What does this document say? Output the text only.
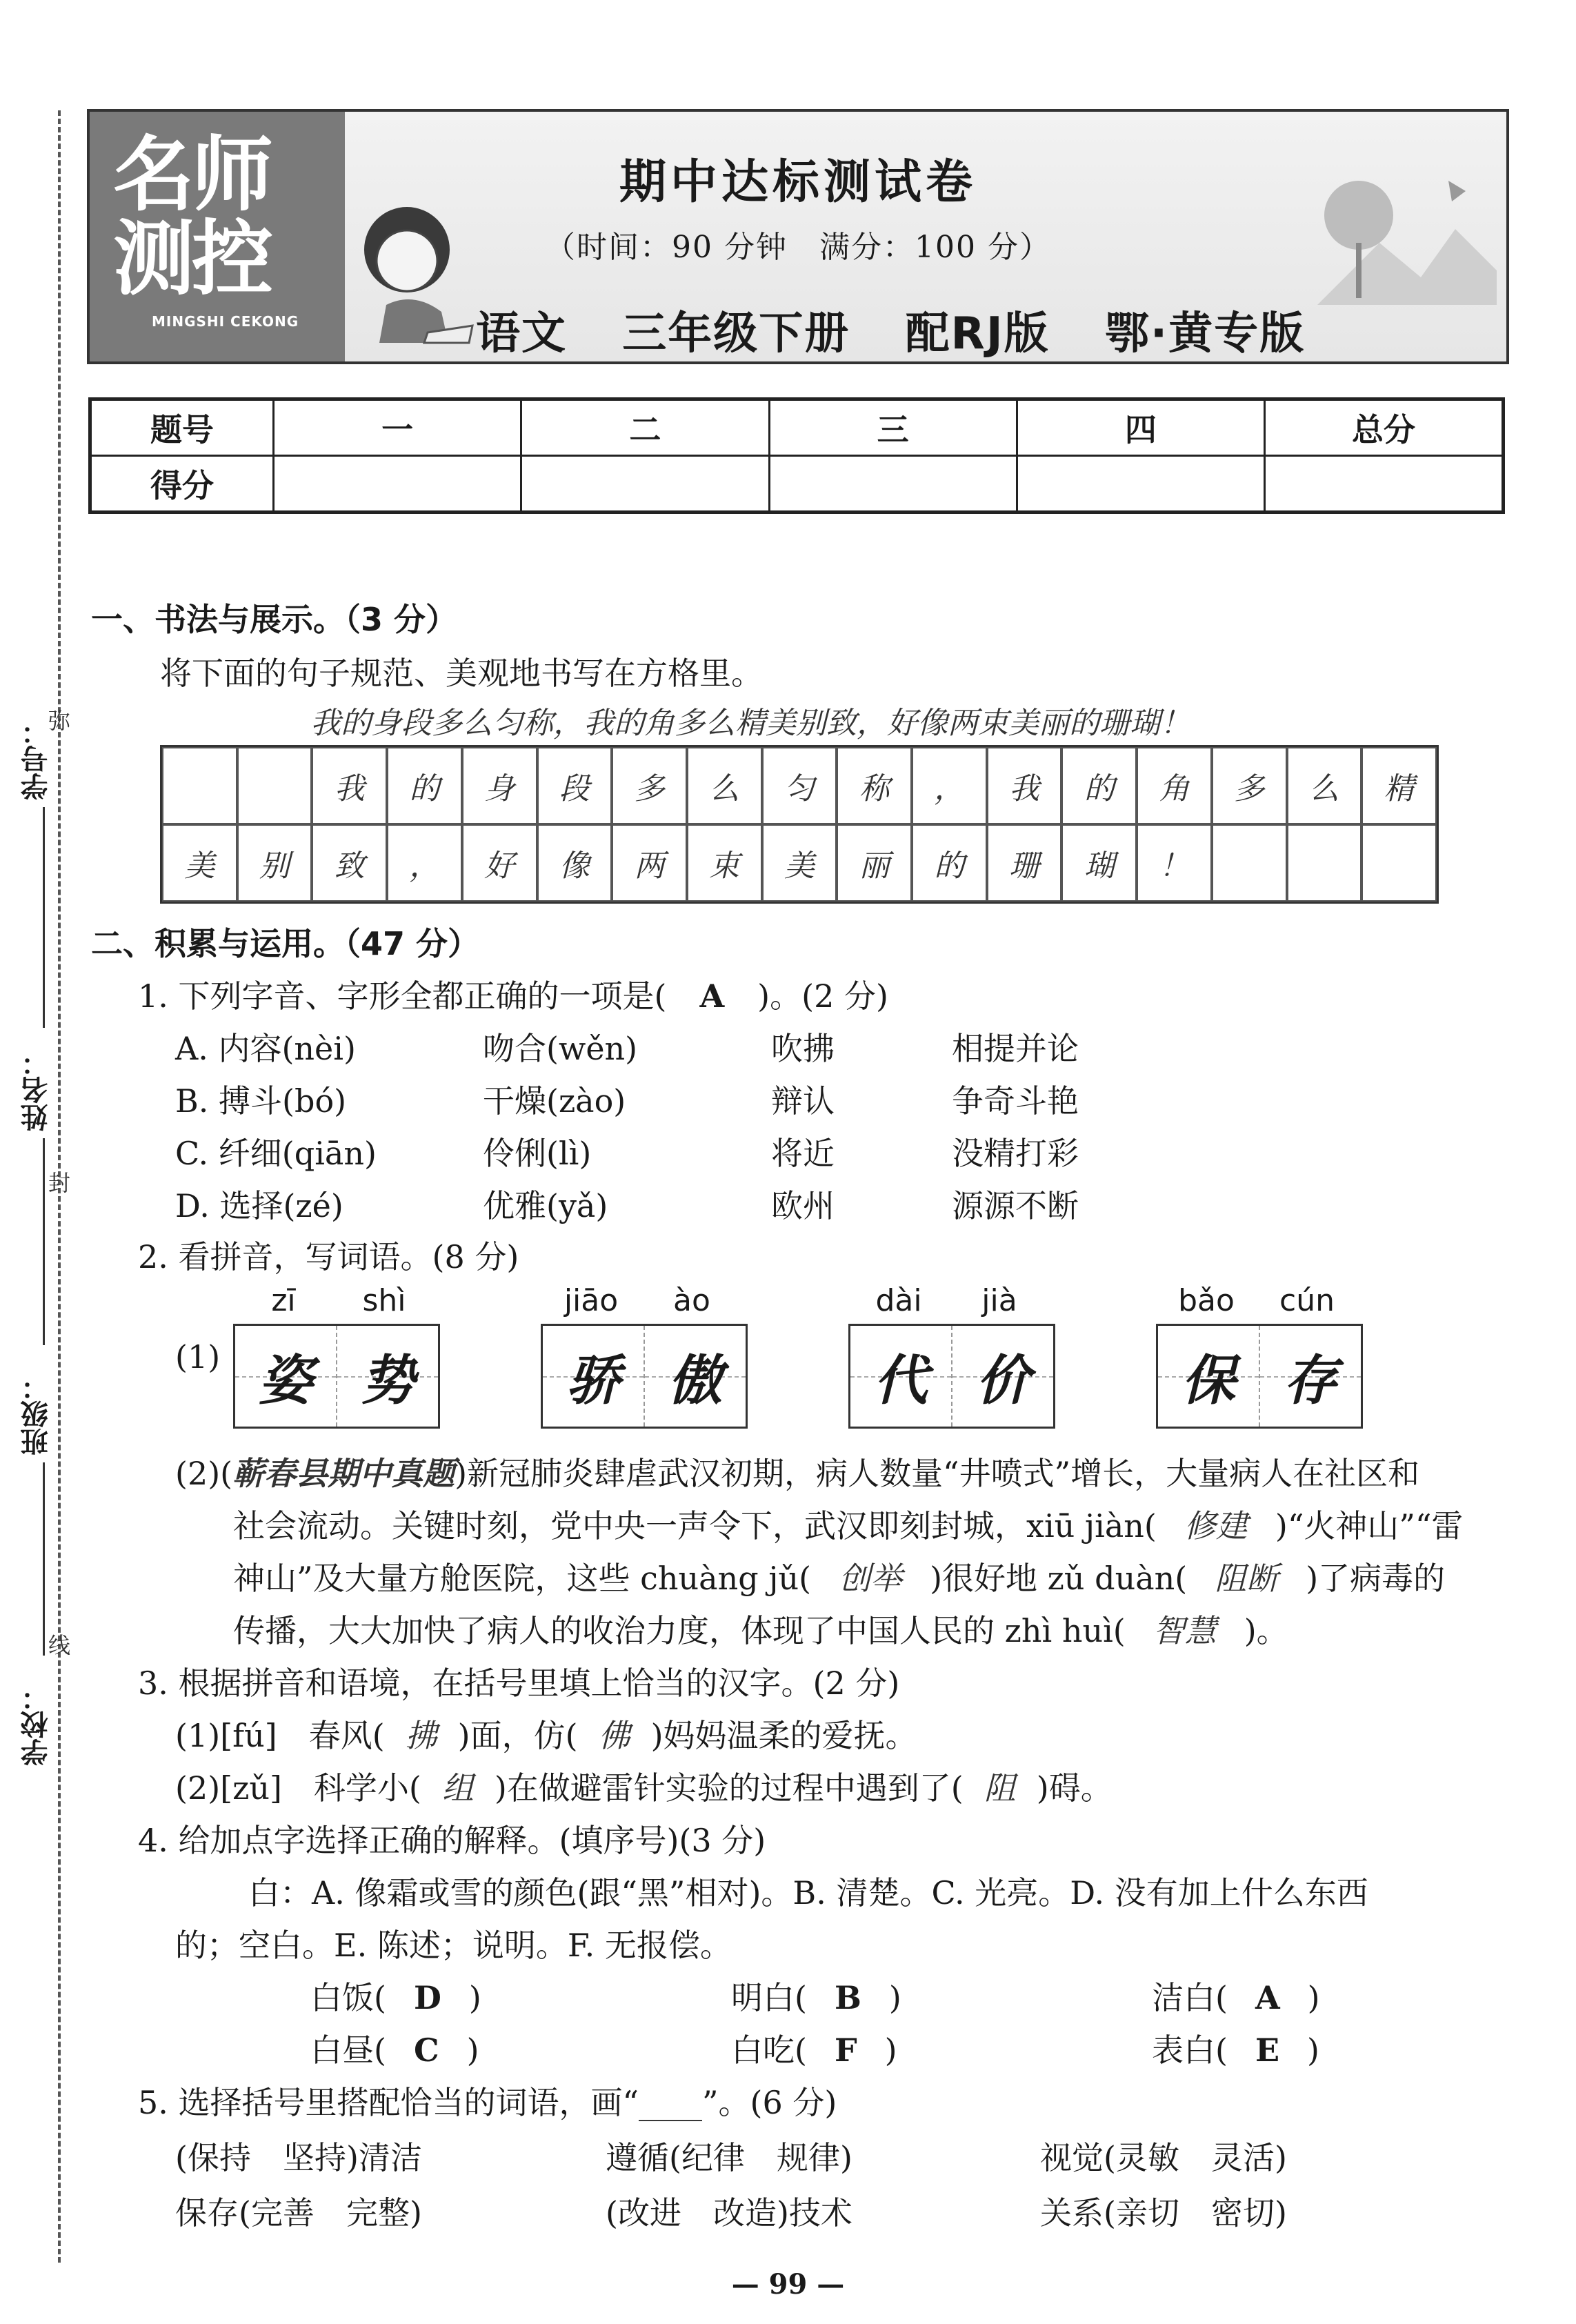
学号：
姓名：
班级：
学校：
弥
封
线
名师
测控
MINGSHI CEKONG
期中达标测试卷
（时间：90 分钟　满分：100 分）
语文 三年级下册 配RJ版 鄂·黄专版
题号	一	二	三	四	总分
得分					
一、书法与展示。（3 分）
将下面的句子规范、美观地书写在方格里。
我的身段多么匀称，我的角多么精美别致，好像两束美丽的珊瑚！
我	的	身	段	多	么	匀	称	，	我	的	角	多	么	精
美	别	致	，	好	像	两	束	美	丽	的	珊	瑚	！
二、积累与运用。（47 分）
1. 下列字音、字形全都正确的一项是( A )。(2 分)
A. 内容(nèi)	吻合(wěn)	吹拂	相提并论
B. 搏斗(bó)	干燥(zào)	辩认	争奇斗艳
C. 纤细(qiān)	伶俐(lì)	将近	没精打彩
D. 选择(zé)	优雅(yǎ)	欧州	源源不断
2. 看拼音，写词语。(8 分)
(1)
zī	shì
姿 势
jiāo	ào
骄 傲
dài	jià
代 价
bǎo	cún
保 存
(2)(蕲春县期中真题)新冠肺炎肆虐武汉初期，病人数量“井喷式”增长，大量病人在社区和
社会流动。关键时刻，党中央一声令下，武汉即刻封城，xiū jiàn( 修建 )“火神山”“雷
神山”及大量方舱医院，这些 chuàng jǔ( 创举 )很好地 zǔ duàn( 阻断 )了病毒的
传播，大大加快了病人的收治力度，体现了中国人民的 zhì huì( 智慧 )。
3. 根据拼音和语境，在括号里填上恰当的汉字。(2 分)
(1)[fú]　春风( 拂 )面，仿( 佛 )妈妈温柔的爱抚。
(2)[zǔ]　科学小( 组 )在做避雷针实验的过程中遇到了( 阻 )碍。
4. 给加点字选择正确的解释。(填序号)(3 分)
白：A. 像霜或雪的颜色(跟“黑”相对)。B. 清楚。C. 光亮。D. 没有加上什么东西
的；空白。E. 陈述；说明。F. 无报偿。
白饭( D )	明白( B )	洁白( A )
白昼( C )	白吃( F )	表白( E )
5. 选择括号里搭配恰当的词语，画“____”。(6 分)
(保持　坚持)清洁	遵循(纪律　规律)	视觉(灵敏　灵活)
保存(完善　完整)	(改进　改造)技术	关系(亲切　密切)
— 99 —
